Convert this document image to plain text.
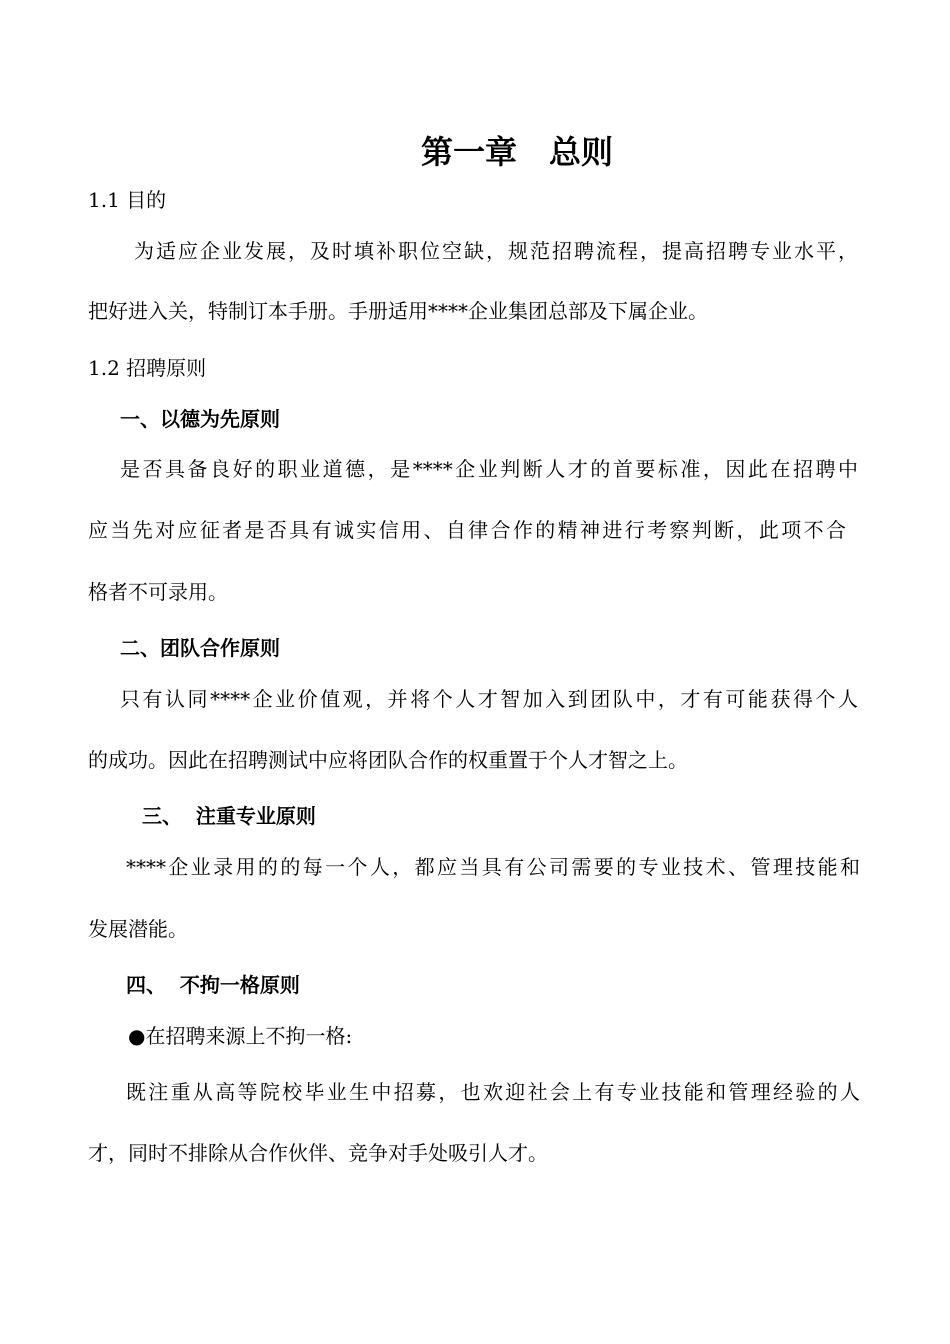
第一章　总则
1.1 目的
为适应企业发展，及时填补职位空缺，规范招聘流程，提高招聘专业水平，
把好进入关，特制订本手册。手册适用****企业集团总部及下属企业。
1.2 招聘原则
一、以德为先原则
是否具备良好的职业道德，是****企业判断人才的首要标准，因此在招聘中
应当先对应征者是否具有诚实信用、自律合作的精神进行考察判断，此项不合
格者不可录用。
二、团队合作原则
只有认同****企业价值观，并将个人才智加入到团队中，才有可能获得个人
的成功。因此在招聘测试中应将团队合作的权重置于个人才智之上。
三、  注重专业原则
****企业录用的的每一个人，都应当具有公司需要的专业技术、管理技能和
发展潜能。
四、  不拘一格原则
●在招聘来源上不拘一格:
既注重从高等院校毕业生中招募，也欢迎社会上有专业技能和管理经验的人
才，同时不排除从合作伙伴、竞争对手处吸引人才。
